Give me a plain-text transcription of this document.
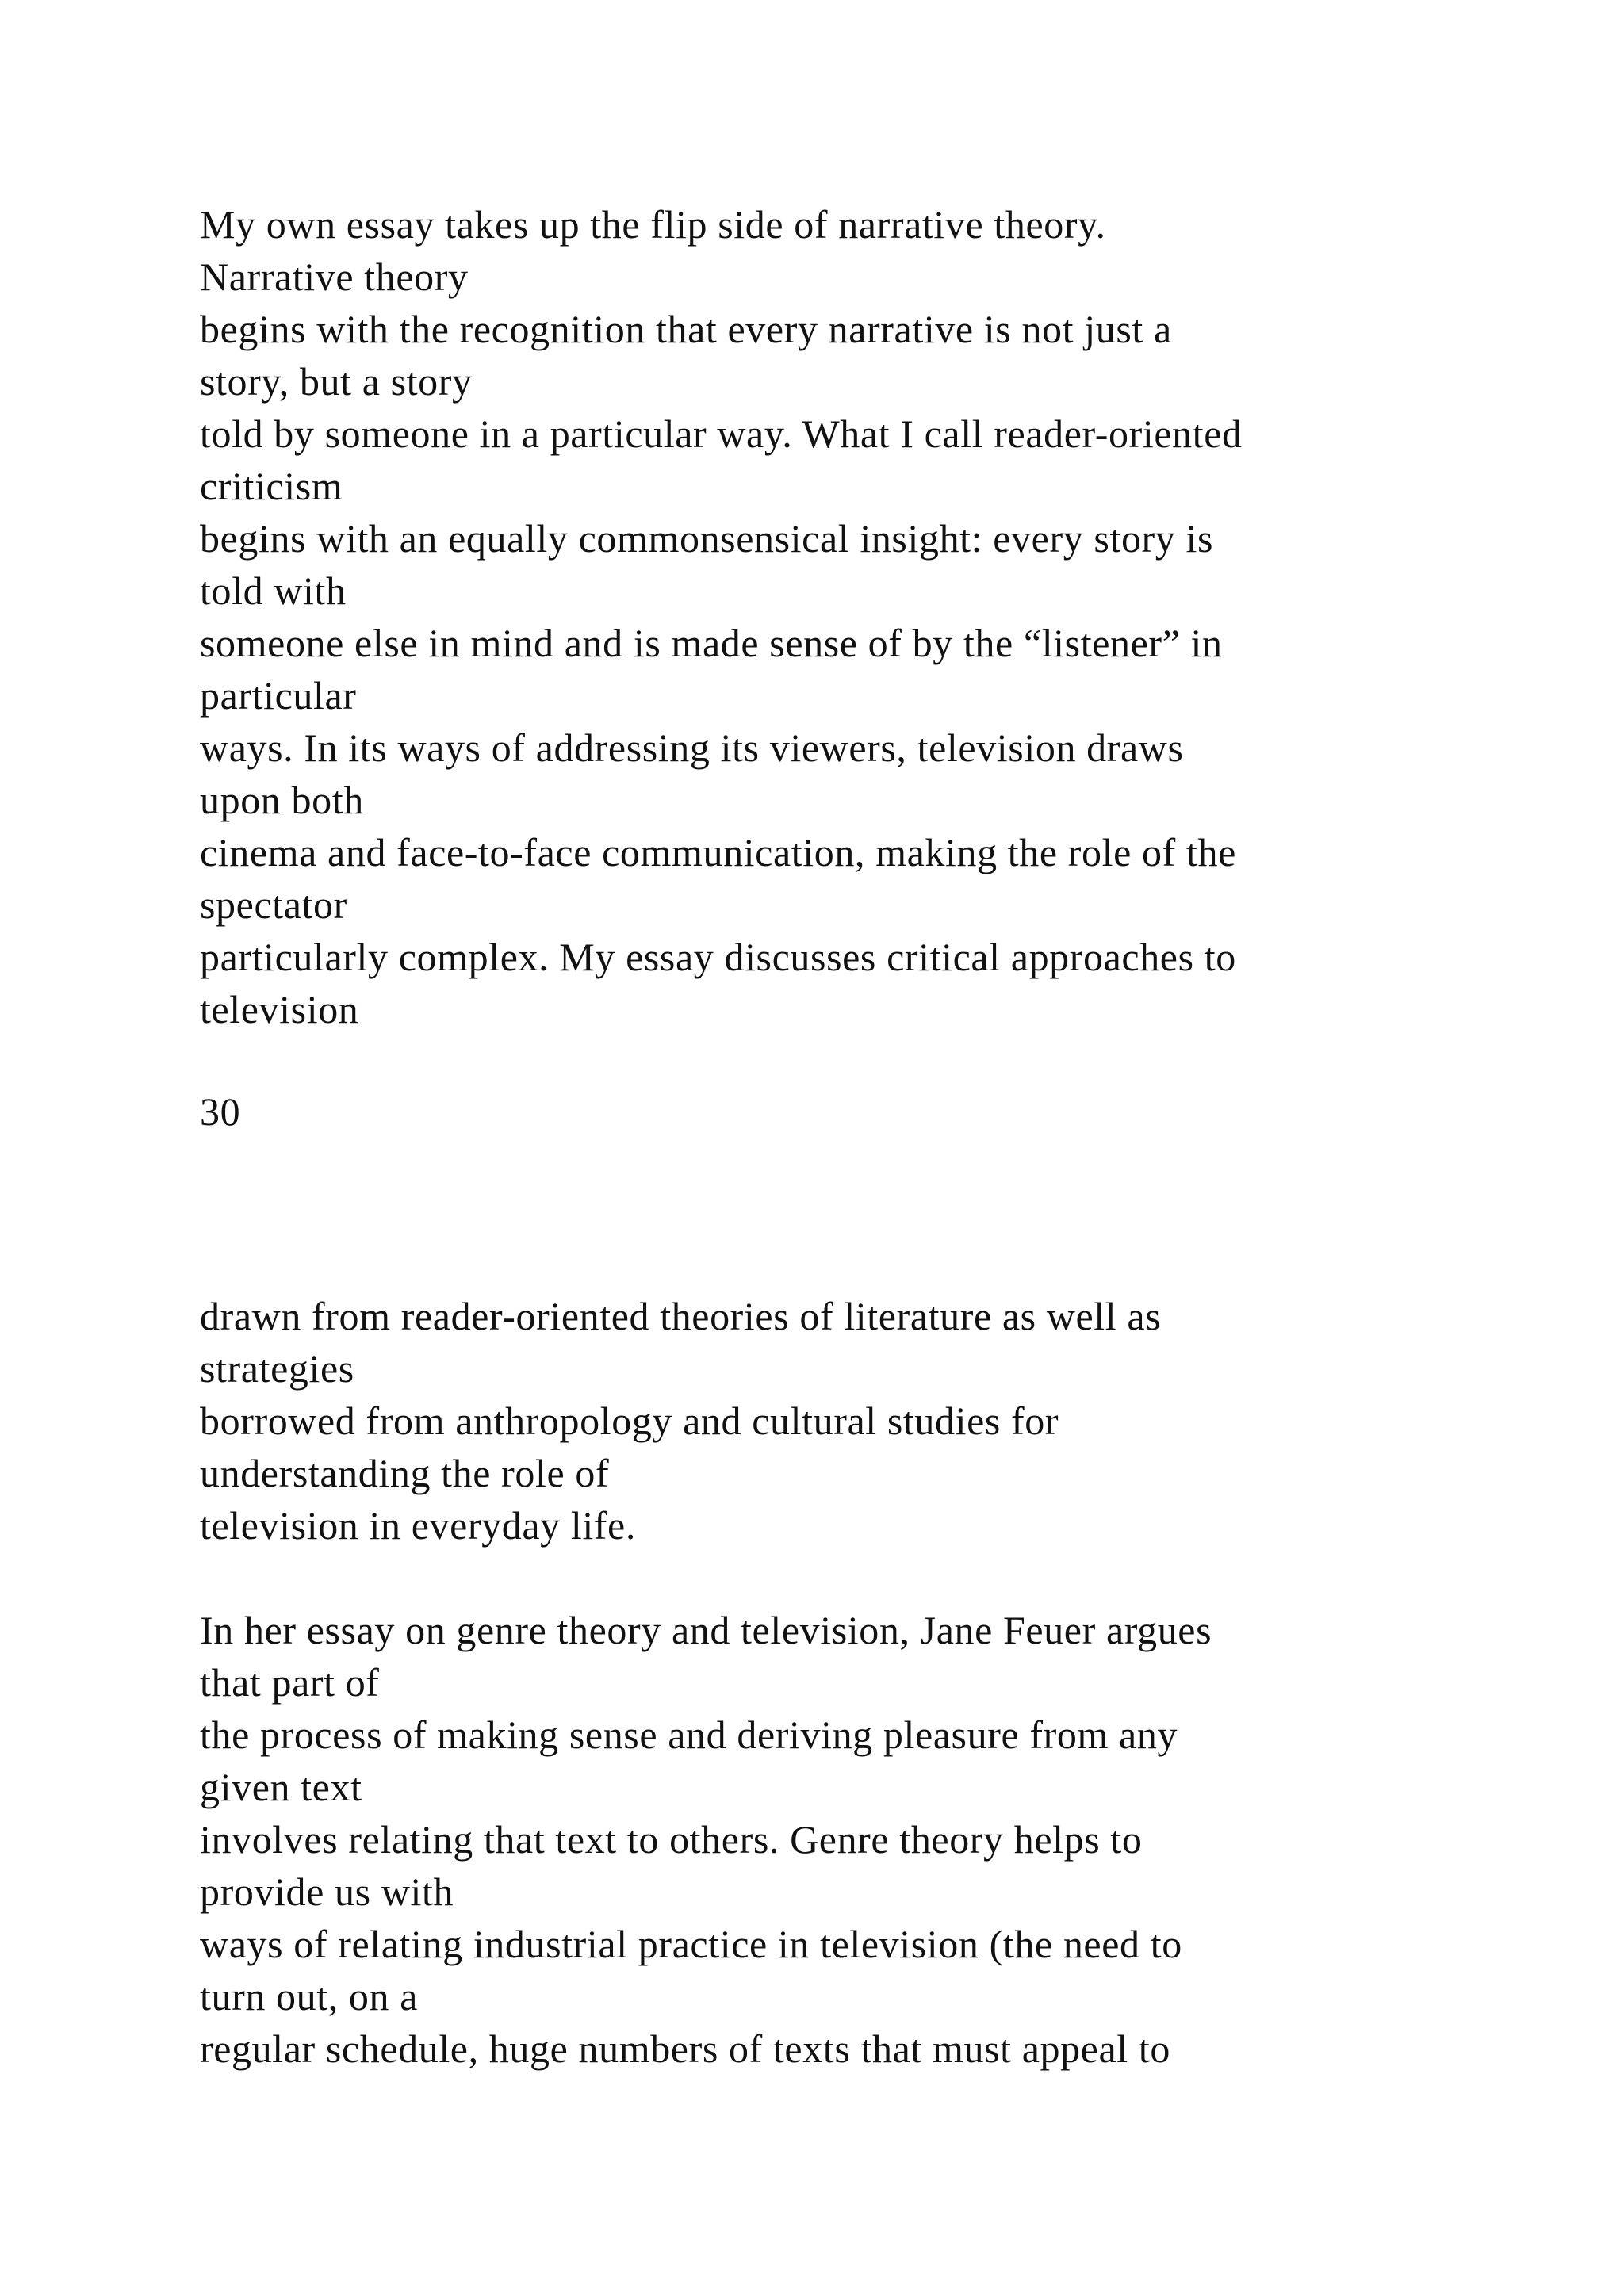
My own essay takes up the flip side of narrative theory.
Narrative theory
begins with the recognition that every narrative is not just a
story, but a story
told by someone in a particular way. What I call reader-oriented
criticism
begins with an equally commonsensical insight: every story is
told with
someone else in mind and is made sense of by the “listener” in
particular
ways. In its ways of addressing its viewers, television draws
upon both
cinema and face-to-face communication, making the role of the
spectator
particularly complex. My essay discusses critical approaches to
television
30
drawn from reader-oriented theories of literature as well as
strategies
borrowed from anthropology and cultural studies for
understanding the role of
television in everyday life.
In her essay on genre theory and television, Jane Feuer argues
that part of
the process of making sense and deriving pleasure from any
given text
involves relating that text to others. Genre theory helps to
provide us with
ways of relating industrial practice in television (the need to
turn out, on a
regular schedule, huge numbers of texts that must appeal to
